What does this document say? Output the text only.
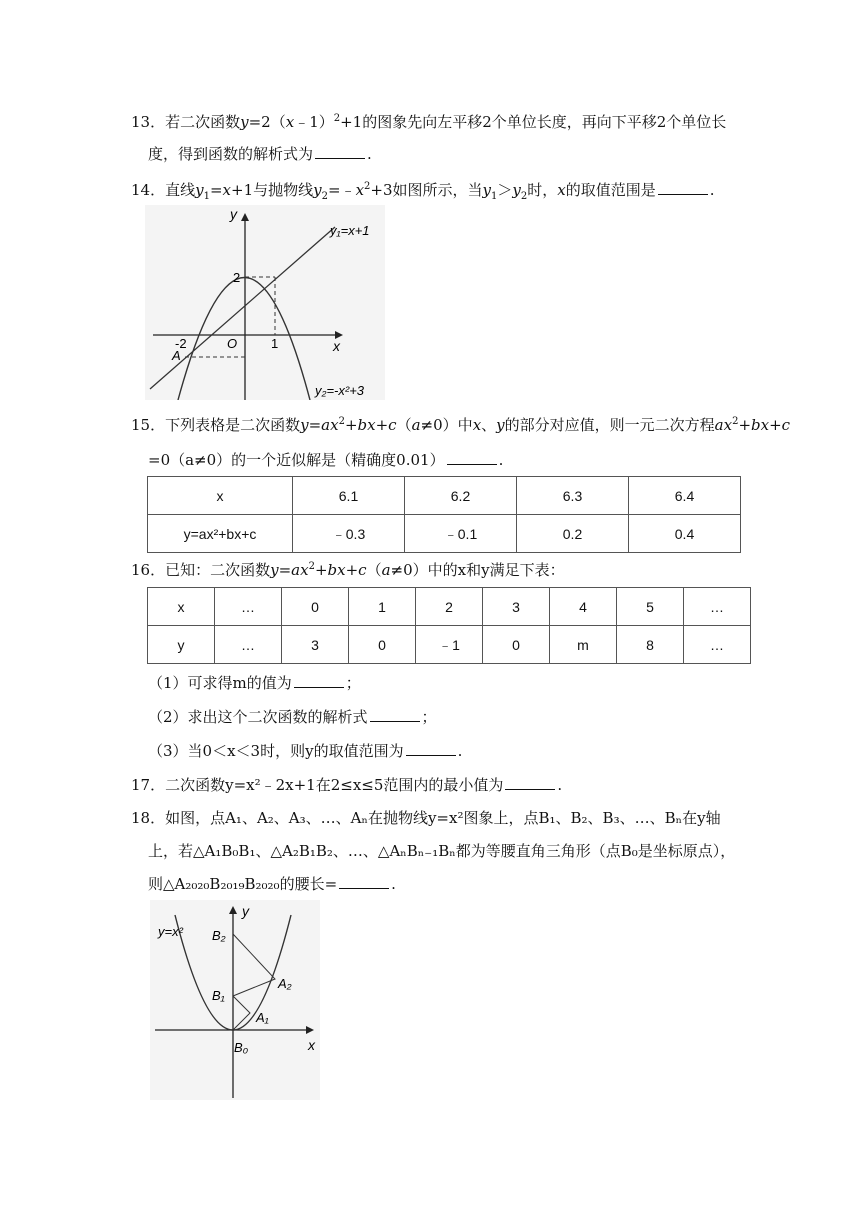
13．若二次函数y=2（x﹣1）$^2$+1的图象先向左平移2个单位长度，再向下平移2个单位长
度，得到函数的解析式为	.
14．直线$y_1=x+1$与抛物线$y_2=﹣x^2+3$如图所示，当$y_1>y_2$时，x的取值范围是	.
y
x
O
2
-2	1
A
y₁=x+1
y₂=-x²+3
15．下列表格是二次函数$y=ax^2+bx+c(a\ne 0)$中x、y的部分对应值，则一元二次方程$ax^2+bx+c$
=0（a≠0）的一个近似解是（精确度0.01）	.
x	6.1	6.2	6.3	6.4
y=ax²+bx+c	﹣0.3	﹣0.1	0.2	0.4
16．已知：二次函数$y=ax^2+bx+c(a\ne 0)$中的x和y满足下表：
x	…	0	1	2	3	4	5	…
y	…	3	0	﹣1	0	m	8	…
（1）可求得m的值为	；
（2）求出这个二次函数的解析式	；
（3）当0＜x＜3时，则y的取值范围为	.
17．二次函数y=x²﹣2x+1在2≤x≤5范围内的最小值为	.
18．如图，点A₁、A₂、A₃、…、Aₙ在抛物线y=x²图象上，点B₁、B₂、B₃、…、Bₙ在y轴
上，若△A₁B₀B₁、△A₂B₁B₂、…、△AₙBₙ₋₁Bₙ都为等腰直角三角形（点B₀是坐标原点），
则△A₂₀₂₀B₂₀₁₉B₂₀₂₀的腰长=	.
y=x²
y
x
B₀
B₁
B₂
A₁
A₂
